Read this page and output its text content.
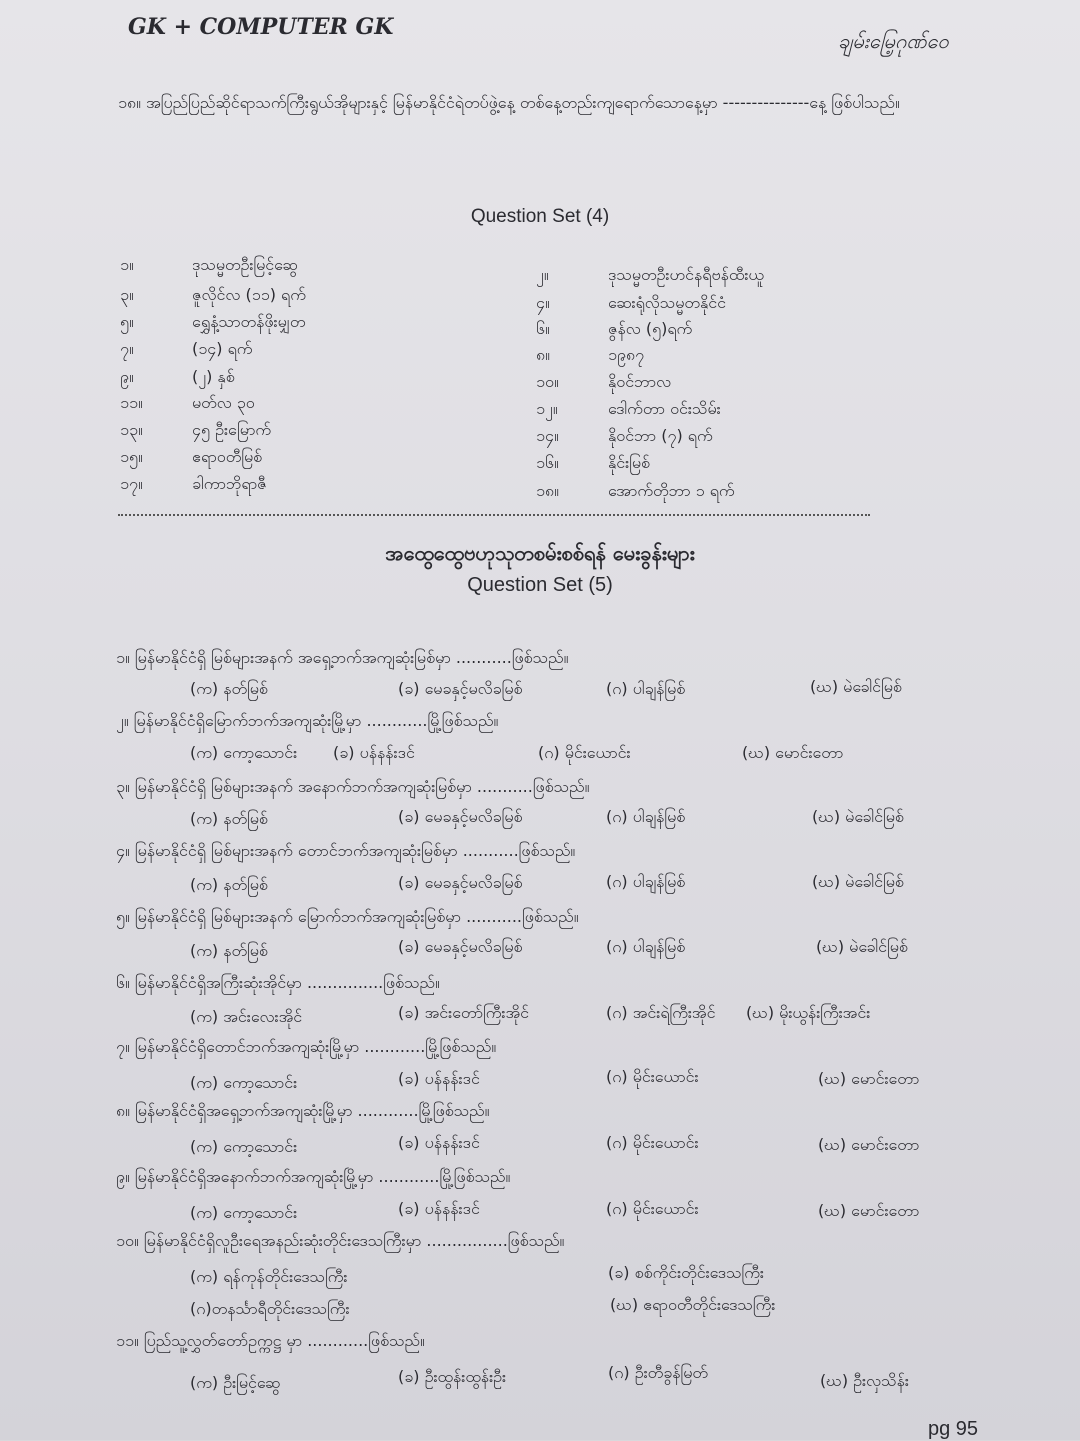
GK + COMPUTER GK
ချမ်းမြေ့ဂုဏ်ဝေ
၁၈။ အပြည်ပြည်ဆိုင်ရာသက်ကြီးရွယ်အိုများနှင့် မြန်မာနိုင်ငံရဲတပ်ဖွဲ့နေ့ တစ်နေ့တည်းကျရောက်သောနေ့မှာ ---------------နေ့ ဖြစ်ပါသည်။
Question Set (4)
၁။	ဒုသမ္မတဦးမြင့်ဆွေ
၃။	ဇူလိုင်လ (၁၁) ရက်
၅။	ရွှေနံ့သာတန်ဖိုးမျှတ
၇။	(၁၄) ရက်
၉။	(၂) နှစ်
၁၁။	မတ်လ ၃၀
၁၃။	၄၅ ဦးမြောက်
၁၅။	ဧရာဝတီမြစ်
၁၇။	ခါကာဘိုရာဇီ
၂။	ဒုသမ္မတဦးဟင်နရီဗန်ထီးယူ
၄။	ဆေးရုံလိုသမ္မတနိုင်ငံ
၆။	ဇွန်လ (၅)ရက်
၈။	၁၉၈၇
၁၀။	နိုဝင်ဘာလ
၁၂။	ဒေါက်တာ ဝင်းသိမ်း
၁၄။	နိုဝင်ဘာ (၇) ရက်
၁၆။	နိုင်းမြစ်
၁၈။	အောက်တိုဘာ ၁ ရက်
အထွေထွေဗဟုသုတစမ်းစစ်ရန် မေးခွန်းများ
Question Set (5)
၁။ မြန်မာနိုင်ငံရှိ မြစ်များအနက် အရှေ့ဘက်အကျဆုံးမြစ်မှာ ...........ဖြစ်သည်။
(က) နတ်မြစ်	(ခ) မေခနှင့်မလိခမြစ်	(ဂ) ပါချန်မြစ်	(ဃ) မဲခေါင်မြစ်
၂။ မြန်မာနိုင်ငံရှိမြောက်ဘက်အကျဆုံးမြို့မှာ ............မြို့ဖြစ်သည်။
(က) ကော့သောင်း (ခ) ပန်နန်းဒင်	(ဂ) မိုင်းယောင်း	(ဃ) မောင်းတော
၃။ မြန်မာနိုင်ငံရှိ မြစ်များအနက် အနောက်ဘက်အကျဆုံးမြစ်မှာ ...........ဖြစ်သည်။
(က) နတ်မြစ်	(ခ) မေခနှင့်မလိခမြစ်	(ဂ) ပါချန်မြစ်	(ဃ) မဲခေါင်မြစ်
၄။ မြန်မာနိုင်ငံရှိ မြစ်များအနက် တောင်ဘက်အကျဆုံးမြစ်မှာ ...........ဖြစ်သည်။
(က) နတ်မြစ်	(ခ) မေခနှင့်မလိခမြစ်	(ဂ) ပါချန်မြစ်	(ဃ) မဲခေါင်မြစ်
၅။ မြန်မာနိုင်ငံရှိ မြစ်များအနက် မြောက်ဘက်အကျဆုံးမြစ်မှာ ...........ဖြစ်သည်။
(က) နတ်မြစ်	(ခ) မေခနှင့်မလိခမြစ်	(ဂ) ပါချန်မြစ်	(ဃ) မဲခေါင်မြစ်
၆။ မြန်မာနိုင်ငံရှိအကြီးဆုံးအိုင်မှာ ...............ဖြစ်သည်။
(က) အင်းလေးအိုင်	(ခ) အင်းတော်ကြီးအိုင်	(ဂ) အင်းရဲကြီးအိုင် (ဃ) မိုးယွန်းကြီးအင်း
၇။ မြန်မာနိုင်ငံရှိတောင်ဘက်အကျဆုံးမြို့မှာ ............မြို့ဖြစ်သည်။
(က) ကော့သောင်း	(ခ) ပန်နန်းဒင်	(ဂ) မိုင်းယောင်း	(ဃ) မောင်းတော
၈။ မြန်မာနိုင်ငံရှိအရှေ့ဘက်အကျဆုံးမြို့မှာ ............မြို့ဖြစ်သည်။
(က) ကော့သောင်း	(ခ) ပန်နန်းဒင်	(ဂ) မိုင်းယောင်း	(ဃ) မောင်းတော
၉။ မြန်မာနိုင်ငံရှိအနောက်ဘက်အကျဆုံးမြို့မှာ ............မြို့ဖြစ်သည်။
(က) ကော့သောင်း	(ခ) ပန်နန်းဒင်	(ဂ) မိုင်းယောင်း	(ဃ) မောင်းတော
၁၀။ မြန်မာနိုင်ငံရှိလူဦးရေအနည်းဆုံးတိုင်းဒေသကြီးမှာ ................ဖြစ်သည်။
(က) ရန်ကုန်တိုင်းဒေသကြီး	(ခ) စစ်ကိုင်းတိုင်းဒေသကြီး
(ဂ)တနင်္သာရီတိုင်းဒေသကြီး	(ဃ) ဧရာဝတီတိုင်းဒေသကြီး
၁၁။ ပြည်သူ့လွှတ်တော်ဥက္ကဋ္ဌ မှာ ............ဖြစ်သည်။
(က) ဦးမြင့်ဆွေ	(ခ) ဦးထွန်းထွန်းဦး	(ဂ) ဦးတီခွန်မြတ်	(ဃ) ဦးလှသိန်း
pg 95
